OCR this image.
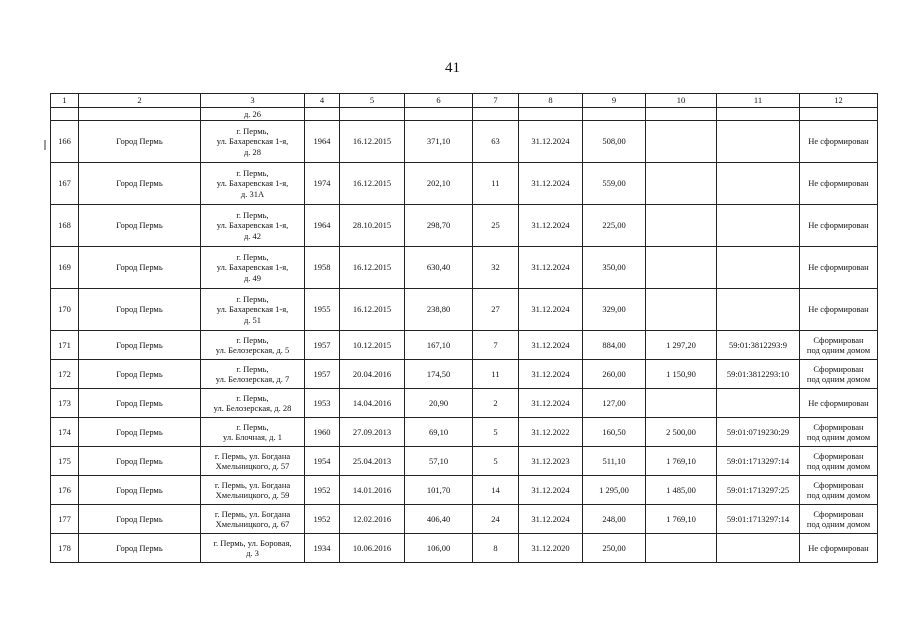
41
1	2	3	4	5	6	7	8	9	10	11	12
		д. 26									

166	Город Пермь	г. Пермь,
ул. Бахаревская 1-я,
д. 28	1964	16.12.2015	371,10	63	31.12.2024	508,00			Не сформирован

167	Город Пермь	г. Пермь,
ул. Бахаревская 1-я,
д. 31А	1974	16.12.2015	202,10	11	31.12.2024	559,00			Не сформирован

168	Город Пермь	г. Пермь,
ул. Бахаревская 1-я,
д. 42	1964	28.10.2015	298,70	25	31.12.2024	225,00			Не сформирован

169	Город Пермь	г. Пермь,
ул. Бахаревская 1-я,
д. 49	1958	16.12.2015	630,40	32	31.12.2024	350,00			Не сформирован

170	Город Пермь	г. Пермь,
ул. Бахаревская 1-я,
д. 51	1955	16.12.2015	238,80	27	31.12.2024	329,00			Не сформирован

171	Город Пермь	г. Пермь,
ул. Белозерская, д. 5	1957	10.12.2015	167,10	7	31.12.2024	884,00	1 297,20	59:01:3812293:9	Сформирован
под одним домом

172	Город Пермь	г. Пермь,
ул. Белозерская, д. 7	1957	20.04.2016	174,50	11	31.12.2024	260,00	1 150,90	59:01:3812293:10	Сформирован
под одним домом

173	Город Пермь	г. Пермь,
ул. Белозерская, д. 28	1953	14.04.2016	20,90	2	31.12.2024	127,00			Не сформирован

174	Город Пермь	г. Пермь,
ул. Блочная, д. 1	1960	27.09.2013	69,10	5	31.12.2022	160,50	2 500,00	59:01:0719230:29	Сформирован
под одним домом

175	Город Пермь	г. Пермь, ул. Богдана
Хмельницкого, д. 57	1954	25.04.2013	57,10	5	31.12.2023	511,10	1 769,10	59:01:1713297:14	Сформирован
под одним домом

176	Город Пермь	г. Пермь, ул. Богдана
Хмельницкого, д. 59	1952	14.01.2016	101,70	14	31.12.2024	1 295,00	1 485,00	59:01:1713297:25	Сформирован
под одним домом

177	Город Пермь	г. Пермь, ул. Богдана
Хмельницкого, д. 67	1952	12.02.2016	406,40	24	31.12.2024	248,00	1 769,10	59:01:1713297:14	Сформирован
под одним домом

178	Город Пермь	г. Пермь, ул. Боровая,
д. 3	1934	10.06.2016	106,00	8	31.12.2020	250,00			Не сформирован
